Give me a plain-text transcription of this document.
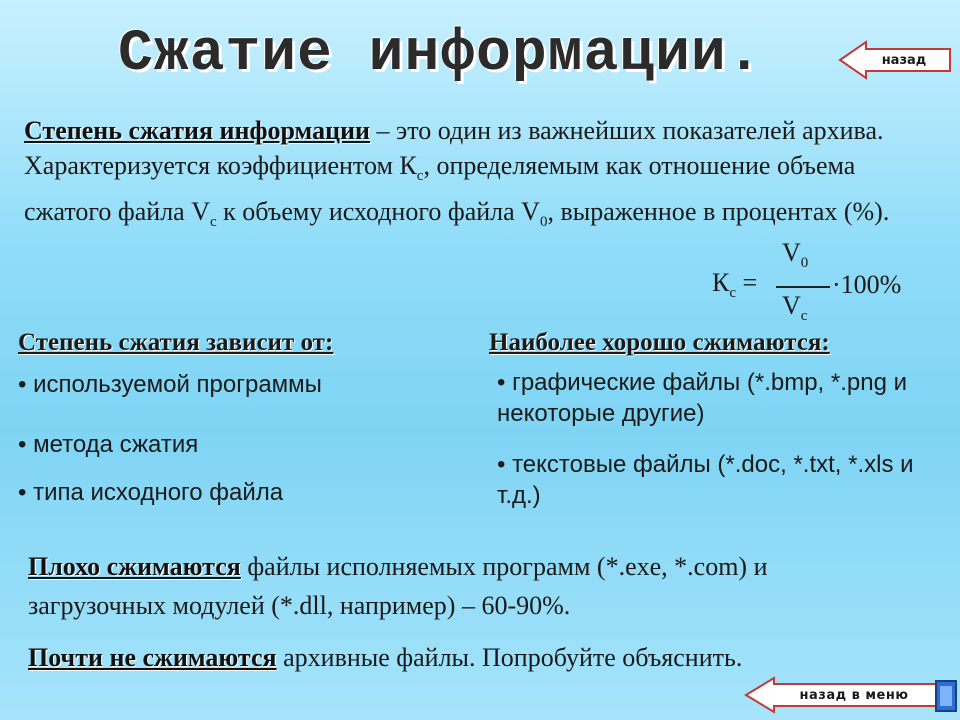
Сжатие информации.	назад
Степень сжатия информации – это один из важнейших показателей архива. Характеризуется коэффициентом $К_с$, определяемым как отношение объема сжатого файла $V_с$ к объему исходного файла $V_0$, выраженное в процентах (%).
$К_с$ =
$V_0$
$V_c$
·100%
Степень сжатия зависит от:	Наиболее хорошо сжимаются:
• используемой программы
• метода сжатия
• типа исходного файла
• графические файлы (*.bmp, *.png и некоторые другие)
• текстовые файлы (*.doc, *.txt, *.xls и т.д.)
Плохо сжимаются файлы исполняемых программ (*.exe, *.com) и загрузочных модулей (*.dll, например) – 60-90%.
Почти не сжимаются архивные файлы. Попробуйте объяснить.
назад в меню
